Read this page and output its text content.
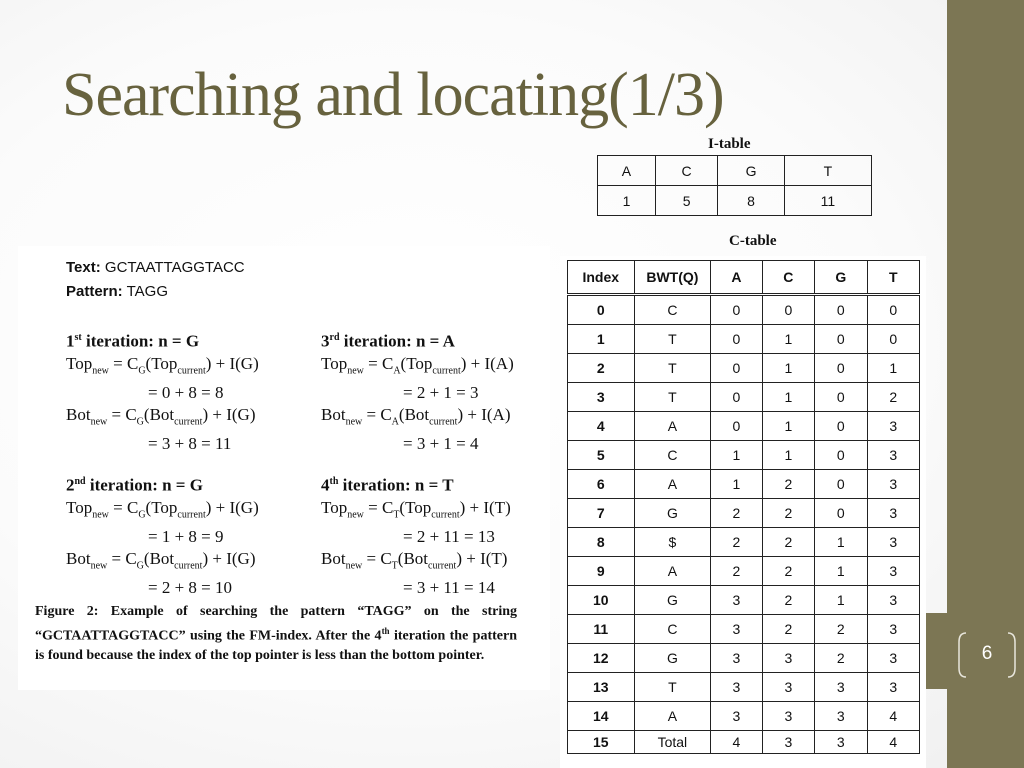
6
Searching and locating(1/3)
I-table
A	C	G	T
1	5	8	11
C-table
Index	BWT(Q)	A	C	G	T
0	C	0	0	0	0
1	T	0	1	0	0
2	T	0	1	0	1
3	T	0	1	0	2
4	A	0	1	0	3
5	C	1	1	0	3
6	A	1	2	0	3
7	G	2	2	0	3
8	$	2	2	1	3
9	A	2	2	1	3
10	G	3	2	1	3
11	C	3	2	2	3
12	G	3	3	2	3
13	T	3	3	3	3
14	A	3	3	3	4
15	Total	4	3	3	4
Text: GCTAATTAGGTACC
Pattern: TAGG
1st iteration: n = G
$Top_{new} = C_G(Top_{current}) + I(G)$
= 0 + 8 = 8
$Bot_{new} = C_G(Bot_{current}) + I(G)$
= 3 + 8 = 11
2nd iteration: n = G
$Top_{new} = C_G(Top_{current}) + I(G)$
= 1 + 8 = 9
$Bot_{new} = C_G(Bot_{current}) + I(G)$
= 2 + 8 = 10
3rd iteration: n = A
$Top_{new} = C_A(Top_{current}) + I(A)$
= 2 + 1 = 3
$Bot_{new} = C_A(Bot_{current}) + I(A)$
= 3 + 1 = 4
4th iteration: n = T
$Top_{new} = C_T(Top_{current}) + I(T)$
= 2 + 11 = 13
$Bot_{new} = C_T(Bot_{current}) + I(T)$
= 3 + 11 = 14
Figure 2: Example of searching the pattern “TAGG” on the string “GCTAATTAGGTACC” using the FM-index. After the 4th iteration the pattern is found because the index of the top pointer is less than the bottom pointer.
